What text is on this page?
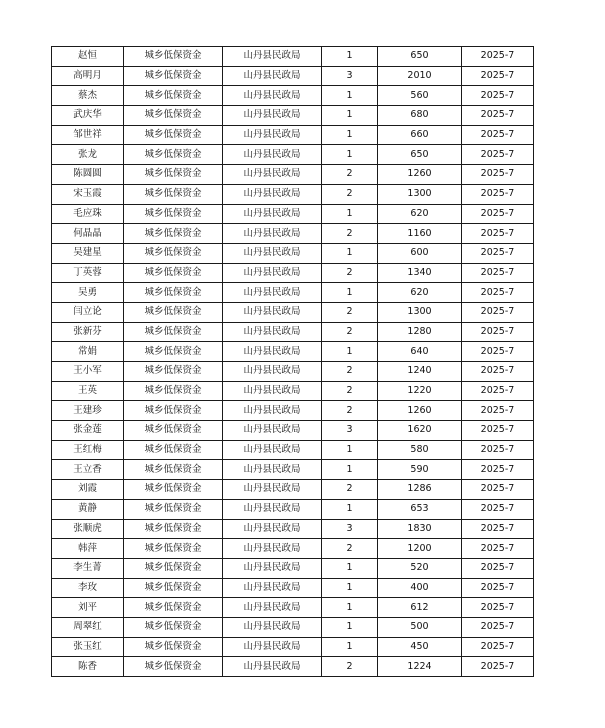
赵恒	城乡低保资金	山丹县民政局	1	650	2025-7
高明月	城乡低保资金	山丹县民政局	3	2010	2025-7
蔡杰	城乡低保资金	山丹县民政局	1	560	2025-7
武庆华	城乡低保资金	山丹县民政局	1	680	2025-7
邹世祥	城乡低保资金	山丹县民政局	1	660	2025-7
张龙	城乡低保资金	山丹县民政局	1	650	2025-7
陈圆圆	城乡低保资金	山丹县民政局	2	1260	2025-7
宋玉霞	城乡低保资金	山丹县民政局	2	1300	2025-7
毛应珠	城乡低保资金	山丹县民政局	1	620	2025-7
何晶晶	城乡低保资金	山丹县民政局	2	1160	2025-7
吴建星	城乡低保资金	山丹县民政局	1	600	2025-7
丁英蓉	城乡低保资金	山丹县民政局	2	1340	2025-7
吴勇	城乡低保资金	山丹县民政局	1	620	2025-7
闫立论	城乡低保资金	山丹县民政局	2	1300	2025-7
张新芬	城乡低保资金	山丹县民政局	2	1280	2025-7
常娟	城乡低保资金	山丹县民政局	1	640	2025-7
王小军	城乡低保资金	山丹县民政局	2	1240	2025-7
王英	城乡低保资金	山丹县民政局	2	1220	2025-7
王建珍	城乡低保资金	山丹县民政局	2	1260	2025-7
张金莲	城乡低保资金	山丹县民政局	3	1620	2025-7
王红梅	城乡低保资金	山丹县民政局	1	580	2025-7
王立香	城乡低保资金	山丹县民政局	1	590	2025-7
刘霞	城乡低保资金	山丹县民政局	2	1286	2025-7
黄静	城乡低保资金	山丹县民政局	1	653	2025-7
张顺虎	城乡低保资金	山丹县民政局	3	1830	2025-7
韩萍	城乡低保资金	山丹县民政局	2	1200	2025-7
李生菁	城乡低保资金	山丹县民政局	1	520	2025-7
李玫	城乡低保资金	山丹县民政局	1	400	2025-7
刘平	城乡低保资金	山丹县民政局	1	612	2025-7
周翠红	城乡低保资金	山丹县民政局	1	500	2025-7
张玉红	城乡低保资金	山丹县民政局	1	450	2025-7
陈香	城乡低保资金	山丹县民政局	2	1224	2025-7
